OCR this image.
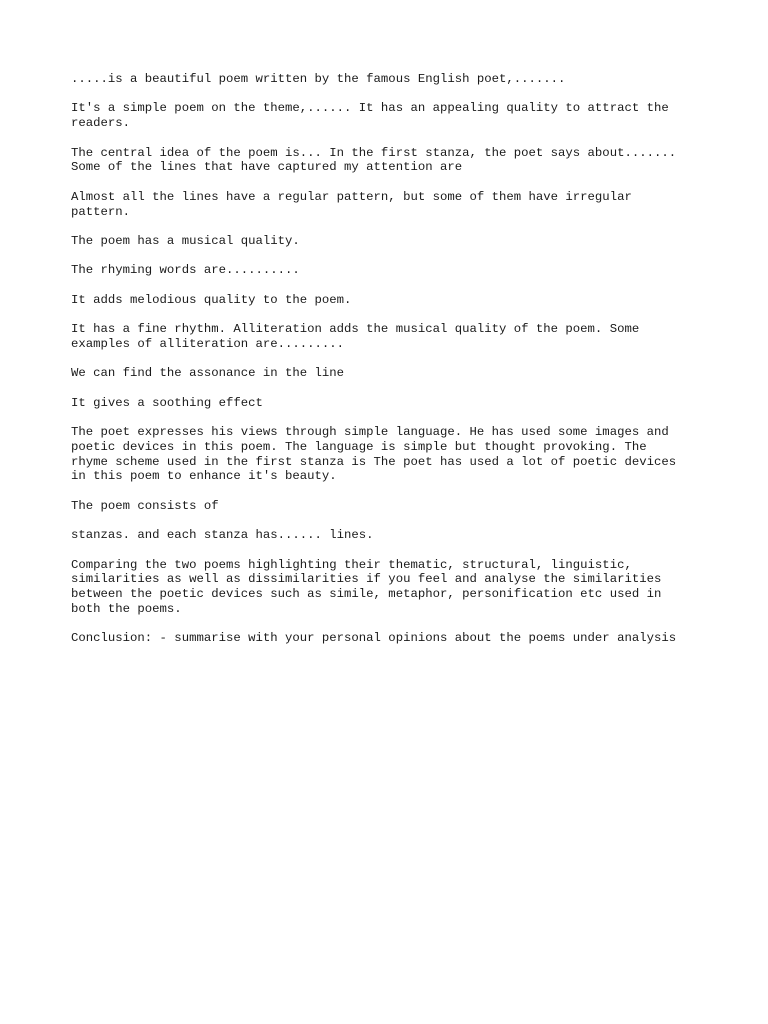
.....is a beautiful poem written by the famous English poet,.......

It's a simple poem on the theme,...... It has an appealing quality to attract the
readers.

The central idea of the poem is... In the first stanza, the poet says about.......
Some of the lines that have captured my attention are

Almost all the lines have a regular pattern, but some of them have irregular
pattern.

The poem has a musical quality.

The rhyming words are..........

It adds melodious quality to the poem.

It has a fine rhythm. Alliteration adds the musical quality of the poem. Some
examples of alliteration are.........

We can find the assonance in the line

It gives a soothing effect

The poet expresses his views through simple language. He has used some images and
poetic devices in this poem. The language is simple but thought provoking. The
rhyme scheme used in the first stanza is The poet has used a lot of poetic devices
in this poem to enhance it's beauty.

The poem consists of

stanzas. and each stanza has...... lines.

Comparing the two poems highlighting their thematic, structural, linguistic,
similarities as well as dissimilarities if you feel and analyse the similarities
between the poetic devices such as simile, metaphor, personification etc used in
both the poems.

Conclusion: - summarise with your personal opinions about the poems under analysis
